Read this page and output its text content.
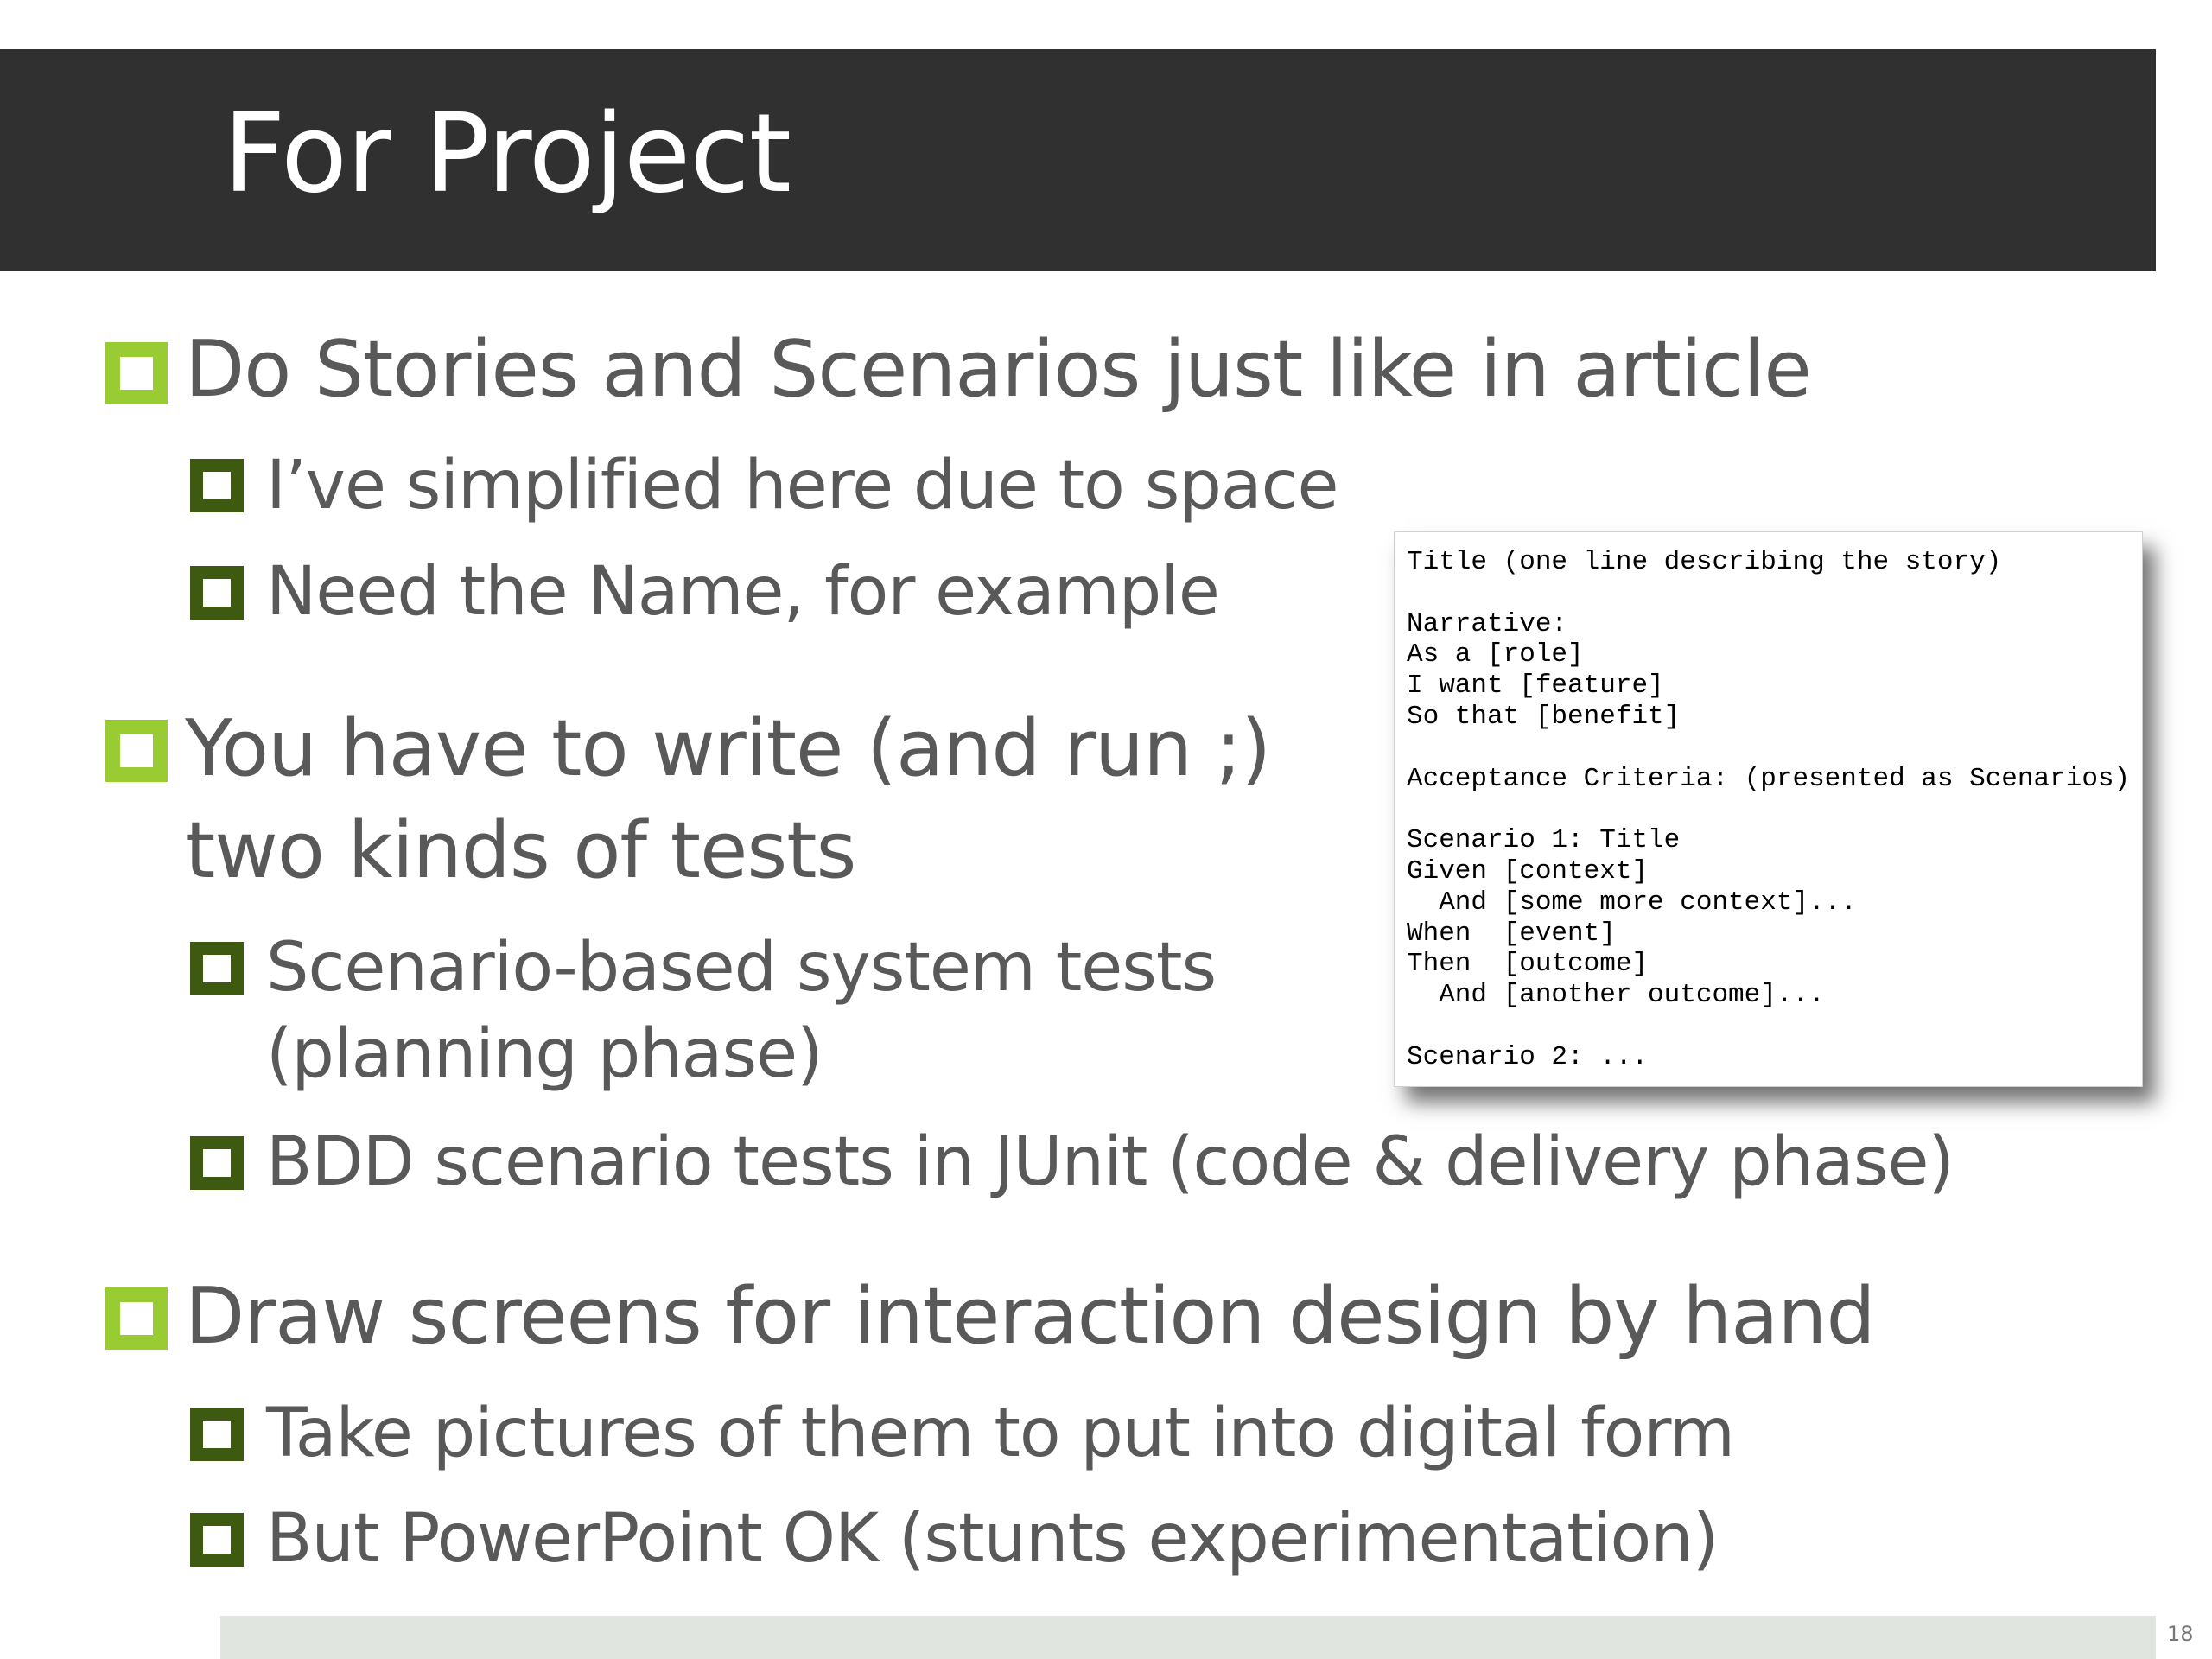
For Project
Do Stories and Scenarios just like in article
I’ve simplified here due to space
Need the Name, for example
You have to write (and run ;)
two kinds of tests
Scenario-based system tests
(planning phase)
BDD scenario tests in JUnit (code & delivery phase)
Draw screens for interaction design by hand
Take pictures of them to put into digital form
But PowerPoint OK (stunts experimentation)
Title (one line describing the story)

Narrative:
As a [role]
I want [feature]
So that [benefit]

Acceptance Criteria: (presented as Scenarios)

Scenario 1: Title
Given [context]
And [some more context]...
When  [event]
Then  [outcome]
And [another outcome]...

Scenario 2: ...
18
